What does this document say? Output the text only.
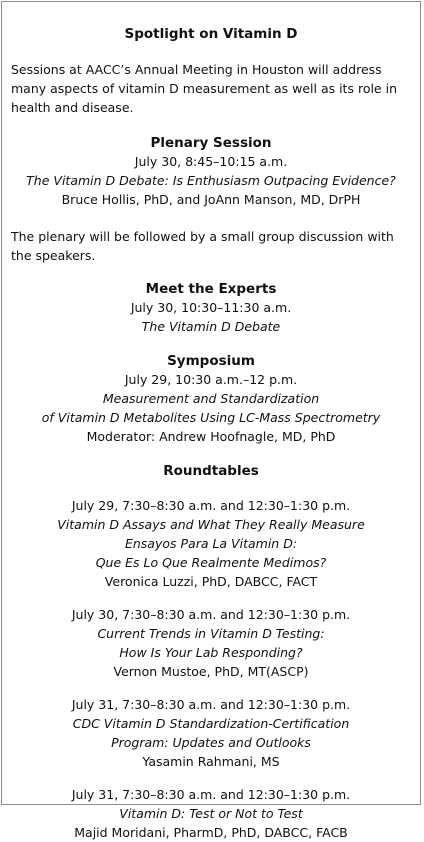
Spotlight on Vitamin D
Sessions at AACC’s Annual Meeting in Houston will address many aspects of vitamin D measurement as well as its role in health and disease.
Plenary Session
July 30, 8:45–10:15 a.m.
The Vitamin D Debate: Is Enthusiasm Outpacing Evidence?
Bruce Hollis, PhD, and JoAnn Manson, MD, DrPH
The plenary will be followed by a small group discussion with the speakers.
Meet the Experts
July 30, 10:30–11:30 a.m.
The Vitamin D Debate
Symposium
July 29, 10:30 a.m.–12 p.m.
Measurement and Standardization
of Vitamin D Metabolites Using LC-Mass Spectrometry
Moderator: Andrew Hoofnagle, MD, PhD
Roundtables
July 29, 7:30–8:30 a.m. and 12:30–1:30 p.m.
Vitamin D Assays and What They Really Measure
Ensayos Para La Vitamin D:
Que Es Lo Que Realmente Medimos?
Veronica Luzzi, PhD, DABCC, FACT
July 30, 7:30–8:30 a.m. and 12:30–1:30 p.m.
Current Trends in Vitamin D Testing:
How Is Your Lab Responding?
Vernon Mustoe, PhD, MT(ASCP)
July 31, 7:30–8:30 a.m. and 12:30–1:30 p.m.
CDC Vitamin D Standardization-Certification
Program: Updates and Outlooks
Yasamin Rahmani, MS
July 31, 7:30–8:30 a.m. and 12:30–1:30 p.m.
Vitamin D: Test or Not to Test
Majid Moridani, PharmD, PhD, DABCC, FACB
